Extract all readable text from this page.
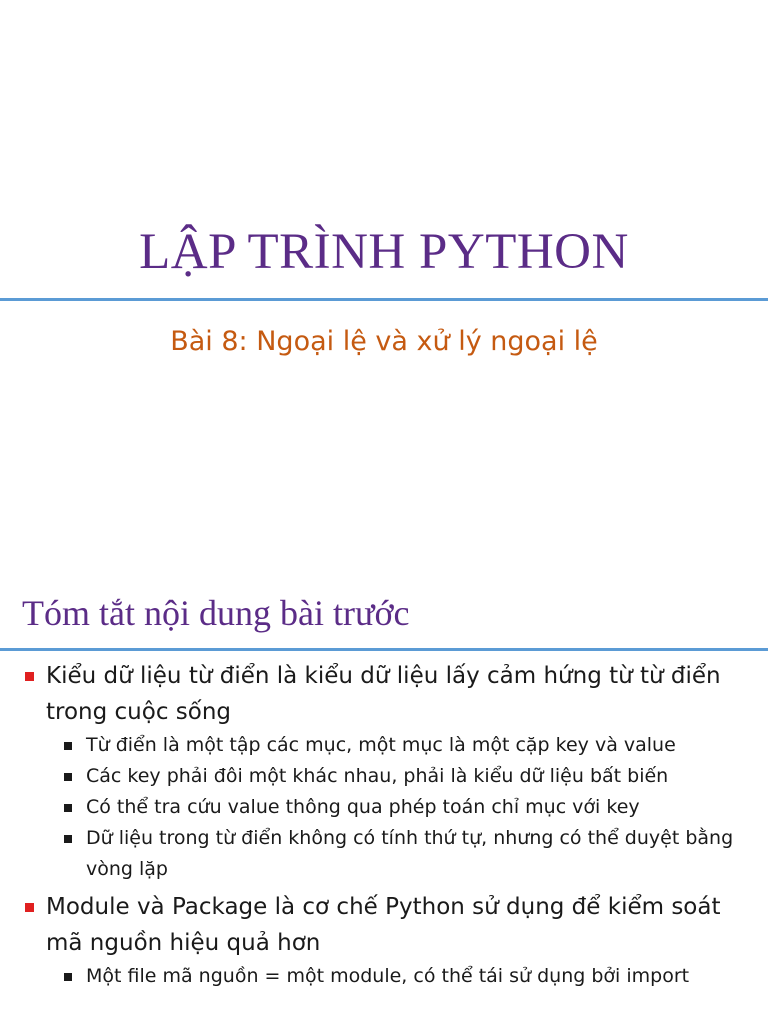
LẬP TRÌNH PYTHON
Bài 8: Ngoại lệ và xử lý ngoại lệ
Tóm tắt nội dung bài trước
Kiểu dữ liệu từ điển là kiểu dữ liệu lấy cảm hứng từ từ điển trong cuộc sống
Từ điển là một tập các mục, một mục là một cặp key và value
Các key phải đôi một khác nhau, phải là kiểu dữ liệu bất biến
Có thể tra cứu value thông qua phép toán chỉ mục với key
Dữ liệu trong từ điển không có tính thứ tự, nhưng có thể duyệt bằng vòng lặp
Module và Package là cơ chế Python sử dụng để kiểm soát mã nguồn hiệu quả hơn
Một file mã nguồn = một module, có thể tái sử dụng bởi import
